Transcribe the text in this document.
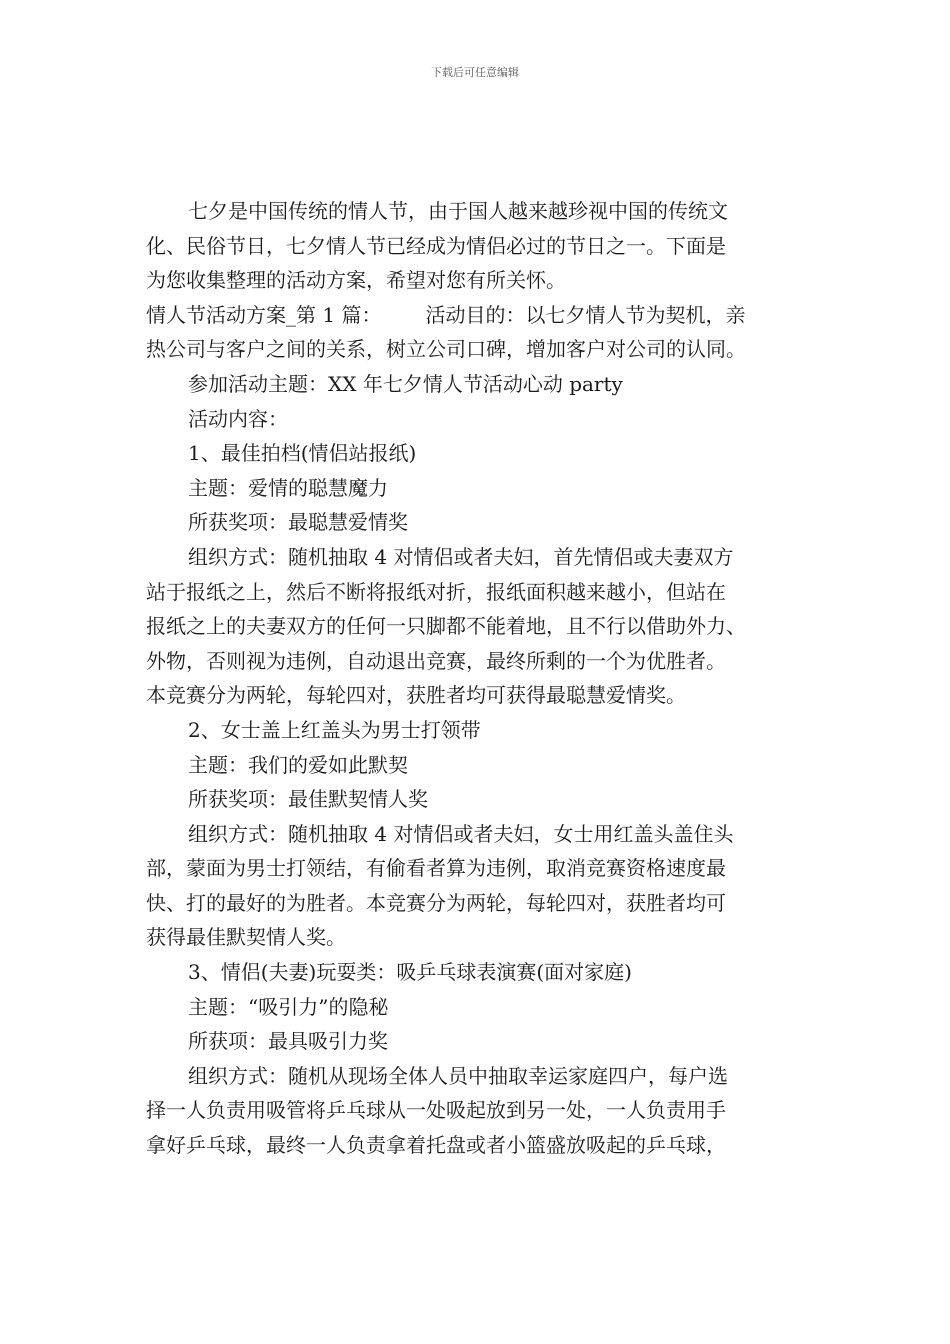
下载后可任意编辑

七夕是中国传统的情人节，由于国人越来越珍视中国的传统文

化、民俗节日，七夕情人节已经成为情侣必过的节日之一。下面是

为您收集整理的活动方案，希望对您有所关怀。

情人节活动方案_第 1 篇： 活动目的：以七夕情人节为契机，亲

热公司与客户之间的关系，树立公司口碑，增加客户对公司的认同。

参加活动主题：XX 年七夕情人节活动心动 party

活动内容：

1、最佳拍档(情侣站报纸)

主题：爱情的聪慧魔力

所获奖项：最聪慧爱情奖

组织方式：随机抽取 4 对情侣或者夫妇，首先情侣或夫妻双方

站于报纸之上，然后不断将报纸对折，报纸面积越来越小，但站在

报纸之上的夫妻双方的任何一只脚都不能着地，且不行以借助外力、

外物，否则视为违例，自动退出竞赛，最终所剩的一个为优胜者。

本竞赛分为两轮，每轮四对，获胜者均可获得最聪慧爱情奖。

2、女士盖上红盖头为男士打领带

主题：我们的爱如此默契

所获奖项：最佳默契情人奖

组织方式：随机抽取 4 对情侣或者夫妇，女士用红盖头盖住头

部，蒙面为男士打领结，有偷看者算为违例，取消竞赛资格速度最

快、打的最好的为胜者。本竞赛分为两轮，每轮四对，获胜者均可

获得最佳默契情人奖。

3、情侣(夫妻)玩耍类：吸乒乓球表演赛(面对家庭)

主题：“吸引力”的隐秘

所获项：最具吸引力奖

组织方式：随机从现场全体人员中抽取幸运家庭四户，每户选

择一人负责用吸管将乒乓球从一处吸起放到另一处，一人负责用手

拿好乒乓球，最终一人负责拿着托盘或者小篮盛放吸起的乒乓球，
